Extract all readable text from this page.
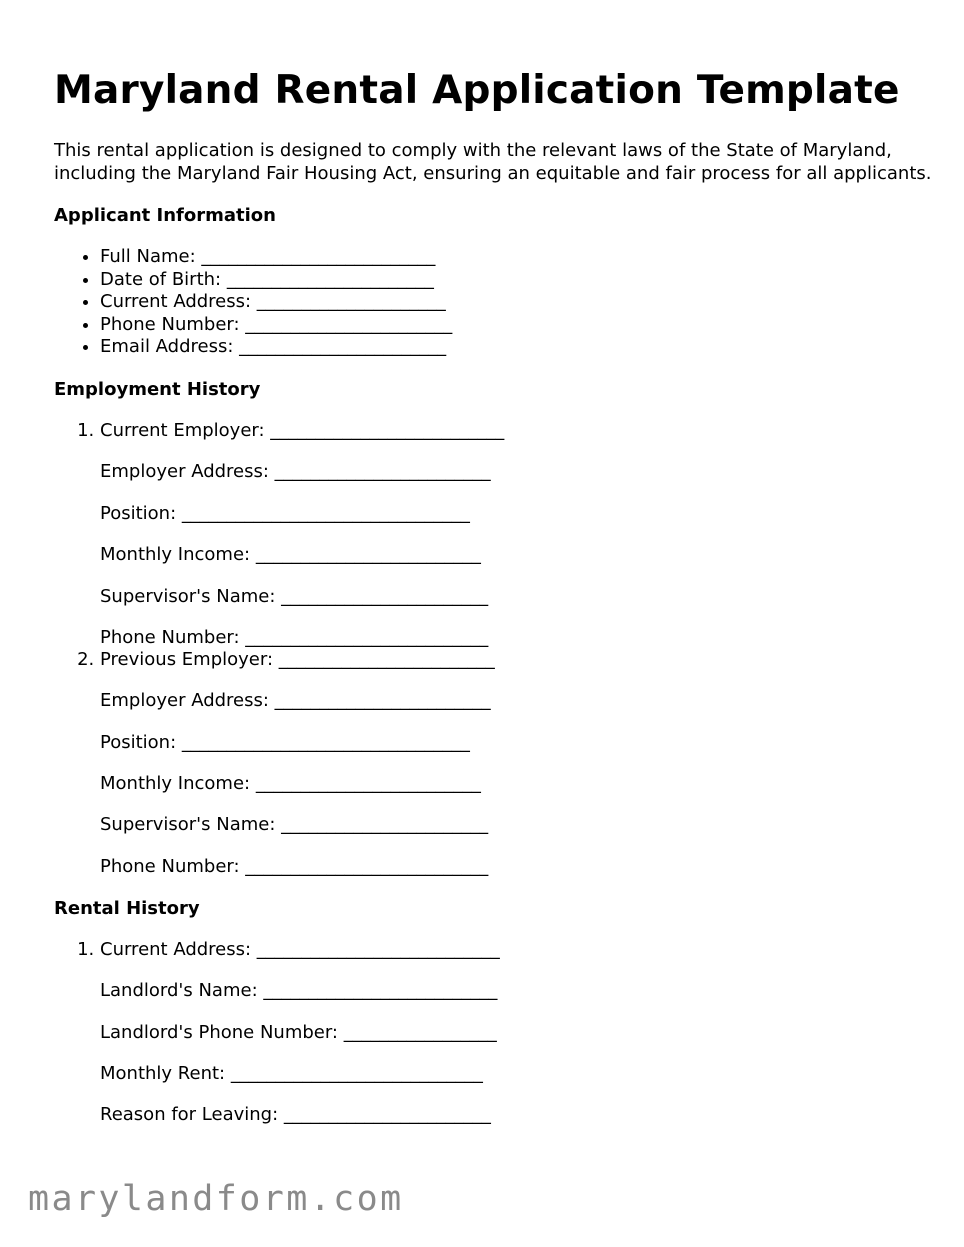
Maryland Rental Application Template

This rental application is designed to comply with the relevant laws of the State of Maryland, including the Maryland Fair Housing Act, ensuring an equitable and fair process for all applicants.

Applicant Information
• Full Name: __________________________
• Date of Birth: _______________________
• Current Address: _____________________
• Phone Number: _______________________
• Email Address: _______________________
Employment History
1. Current Employer: __________________________
Employer Address: ________________________
Position: ________________________________
Monthly Income: _________________________
Supervisor's Name: _______________________
Phone Number: ___________________________
2. Previous Employer: ________________________
Employer Address: ________________________
Position: ________________________________
Monthly Income: _________________________
Supervisor's Name: _______________________
Phone Number: ___________________________
Rental History
1. Current Address: ___________________________
Landlord's Name: __________________________
Landlord's Phone Number: _________________
Monthly Rent: ____________________________
Reason for Leaving: _______________________
marylandform.com
